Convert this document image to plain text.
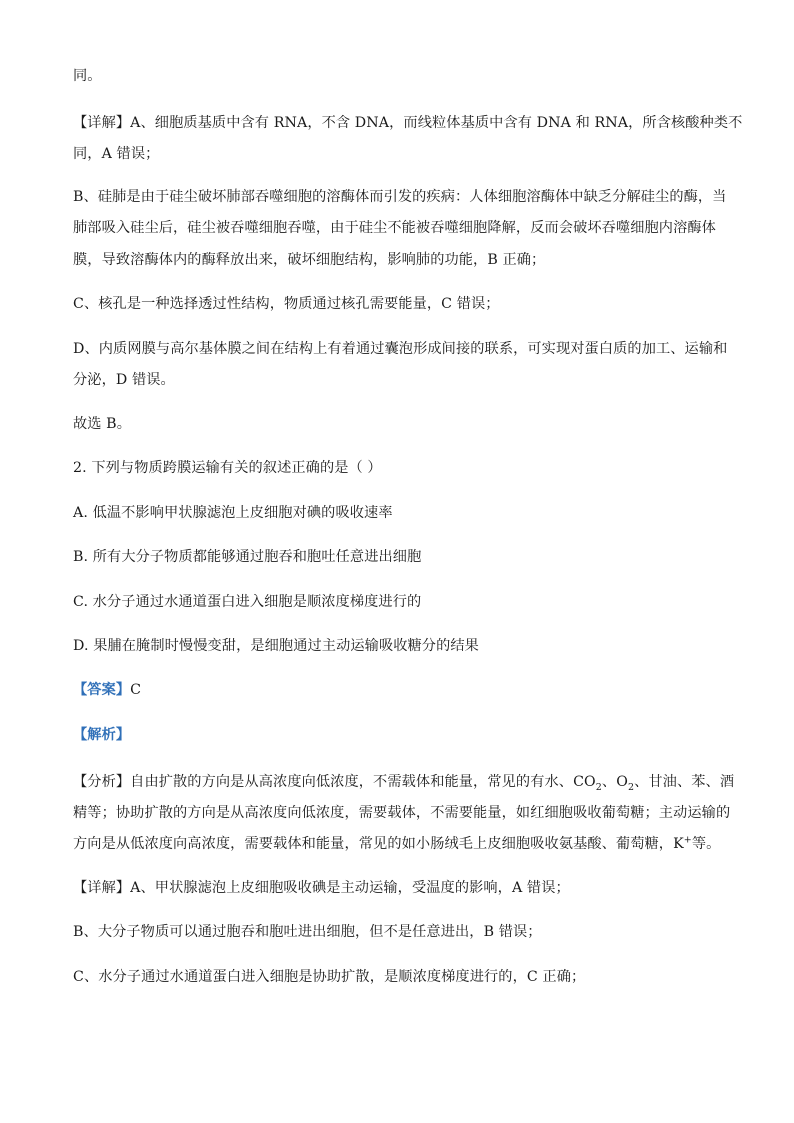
同。
【详解】A、细胞质基质中含有 RNA，不含 DNA，而线粒体基质中含有 DNA 和 RNA，所含核酸种类不
同，A 错误；
B、硅肺是由于硅尘破坏肺部吞噬细胞的溶酶体而引发的疾病：人体细胞溶酶体中缺乏分解硅尘的酶，当
肺部吸入硅尘后，硅尘被吞噬细胞吞噬，由于硅尘不能被吞噬细胞降解，反而会破坏吞噬细胞内溶酶体
膜，导致溶酶体内的酶释放出来，破坏细胞结构，影响肺的功能，B 正确；
C、核孔是一种选择透过性结构，物质通过核孔需要能量，C 错误；
D、内质网膜与高尔基体膜之间在结构上有着通过囊泡形成间接的联系，可实现对蛋白质的加工、运输和
分泌，D 错误。
故选 B。
2. 下列与物质跨膜运输有关的叙述正确的是（ ）
A. 低温不影响甲状腺滤泡上皮细胞对碘的吸收速率
B. 所有大分子物质都能够通过胞吞和胞吐任意进出细胞
C. 水分子通过水通道蛋白进入细胞是顺浓度梯度进行的
D. 果脯在腌制时慢慢变甜，是细胞通过主动运输吸收糖分的结果
【答案】C
【解析】
【分析】自由扩散的方向是从高浓度向低浓度，不需载体和能量，常见的有水、$CO_2$、$O_2$、甘油、苯、酒
精等；协助扩散的方向是从高浓度向低浓度，需要载体，不需要能量，如红细胞吸收葡萄糖；主动运输的
方向是从低浓度向高浓度，需要载体和能量，常见的如小肠绒毛上皮细胞吸收氨基酸、葡萄糖，K+等。
【详解】A、甲状腺滤泡上皮细胞吸收碘是主动运输，受温度的影响，A 错误；
B、大分子物质可以通过胞吞和胞吐进出细胞，但不是任意进出，B 错误；
C、水分子通过水通道蛋白进入细胞是协助扩散，是顺浓度梯度进行的，C 正确；
